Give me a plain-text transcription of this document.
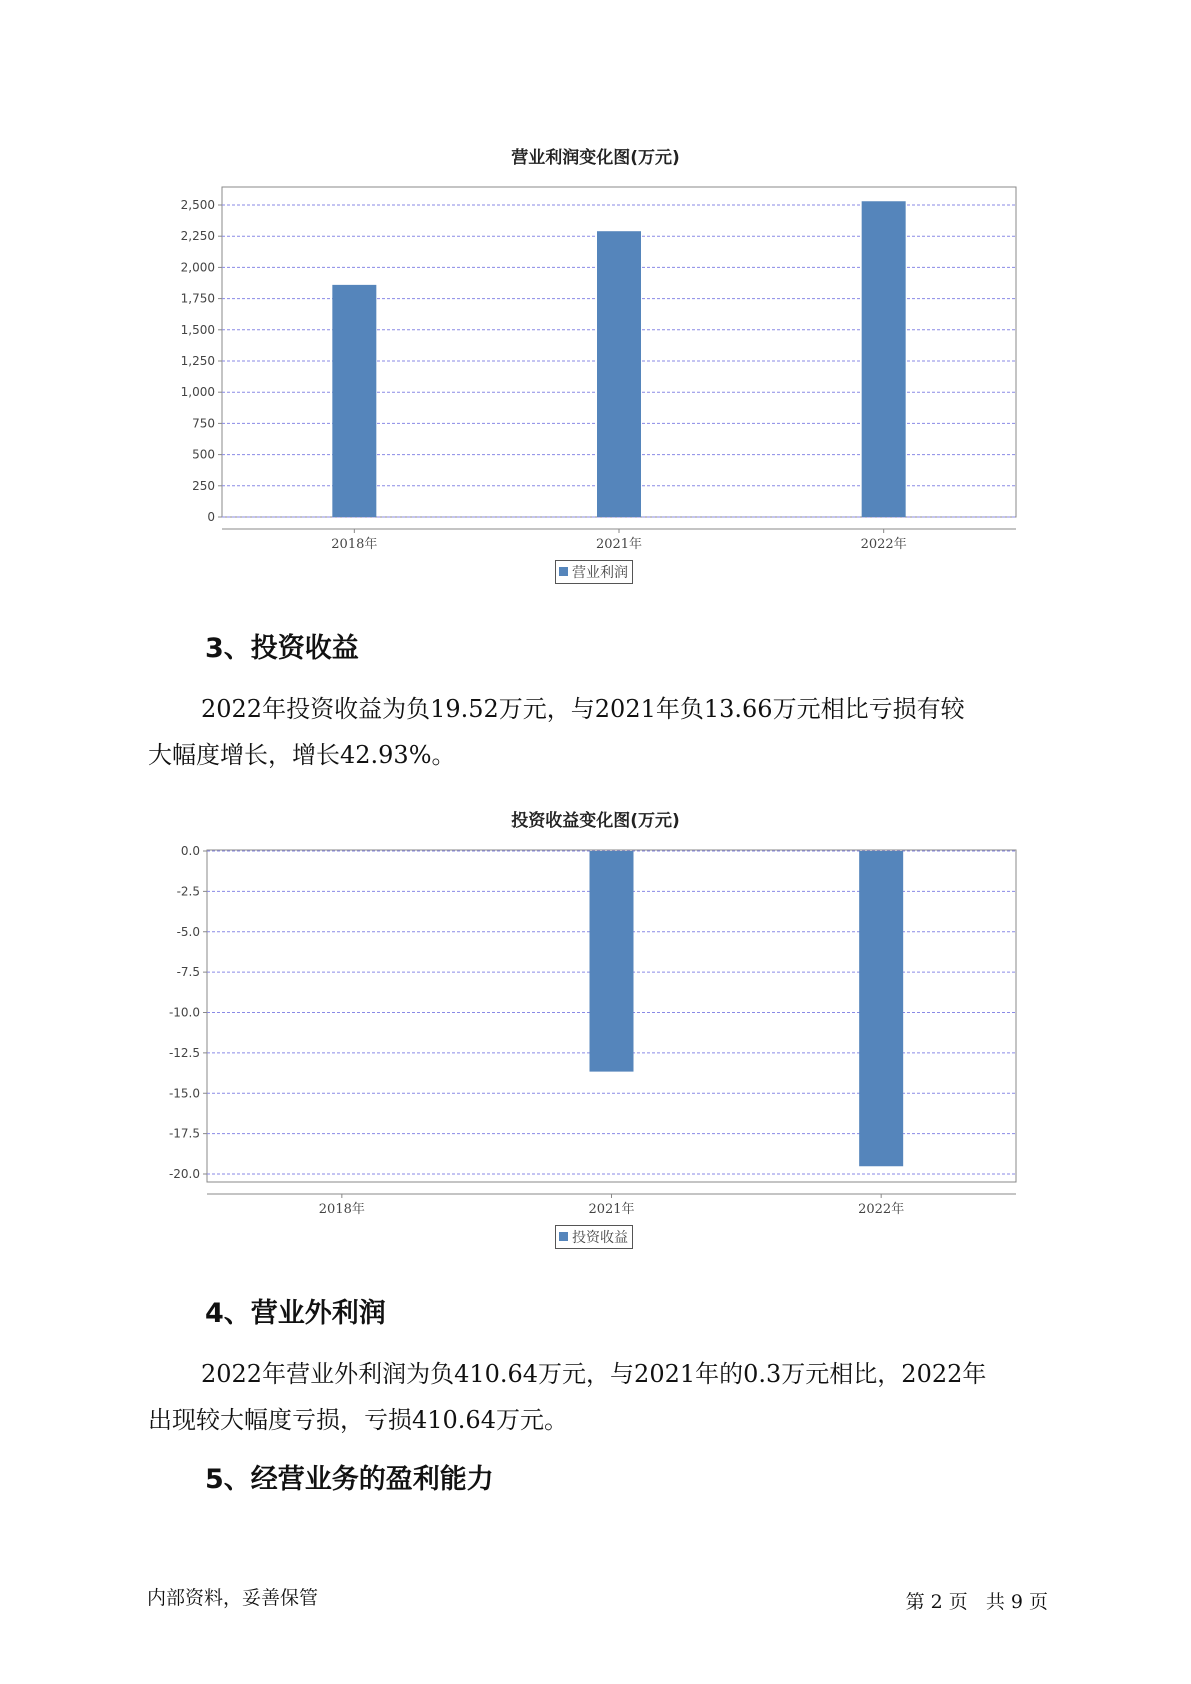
营业利润变化图(万元)
0
250
500
750
1,000
1,250
1,500
1,750
2,000
2,250
2,500
2018年	2021年	2022年
营业利润
3、投资收益
2022年投资收益为负19.52万元，与2021年负13.66万元相比亏损有较
大幅度增长，增长42.93%。
投资收益变化图(万元)
0.0
-2.5
-5.0
-7.5
-10.0
-12.5
-15.0
-17.5
-20.0
2018年	2021年	2022年
投资收益
4、营业外利润
2022年营业外利润为负410.64万元，与2021年的0.3万元相比，2022年
出现较大幅度亏损，亏损410.64万元。
5、经营业务的盈利能力
内部资料，妥善保管	第 2 页 共 9 页
